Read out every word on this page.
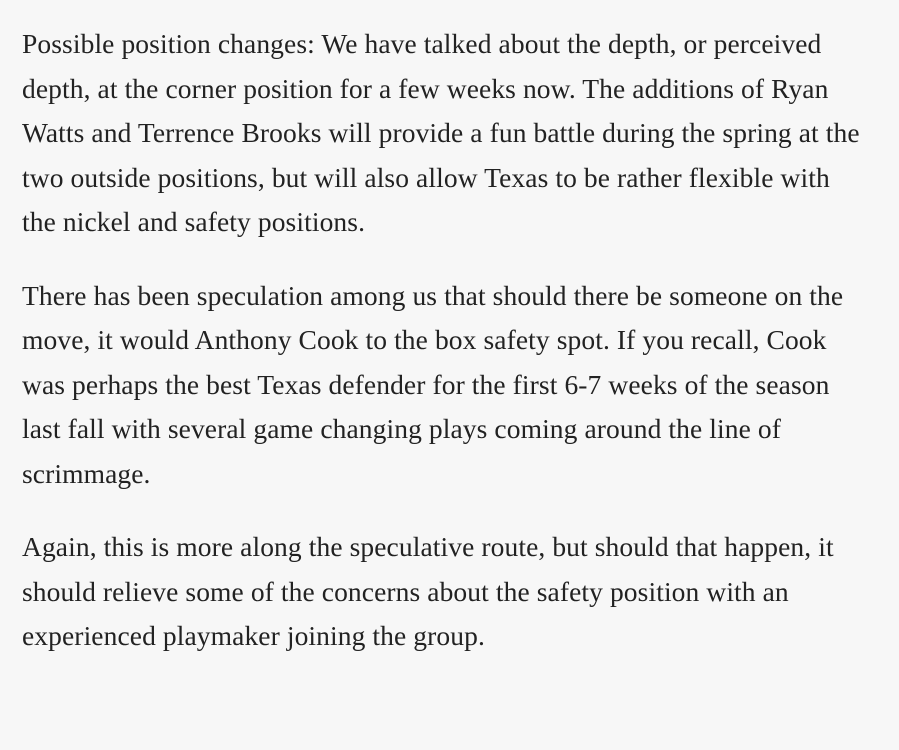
Possible position changes: We have talked about the depth, or perceived depth, at the corner position for a few weeks now. The additions of Ryan Watts and Terrence Brooks will provide a fun battle during the spring at the two outside positions, but will also allow Texas to be rather flexible with the nickel and safety positions.

There has been speculation among us that should there be someone on the move, it would Anthony Cook to the box safety spot. If you recall, Cook was perhaps the best Texas defender for the first 6-7 weeks of the season last fall with several game changing plays coming around the line of scrimmage.

Again, this is more along the speculative route, but should that happen, it should relieve some of the concerns about the safety position with an experienced playmaker joining the group.
